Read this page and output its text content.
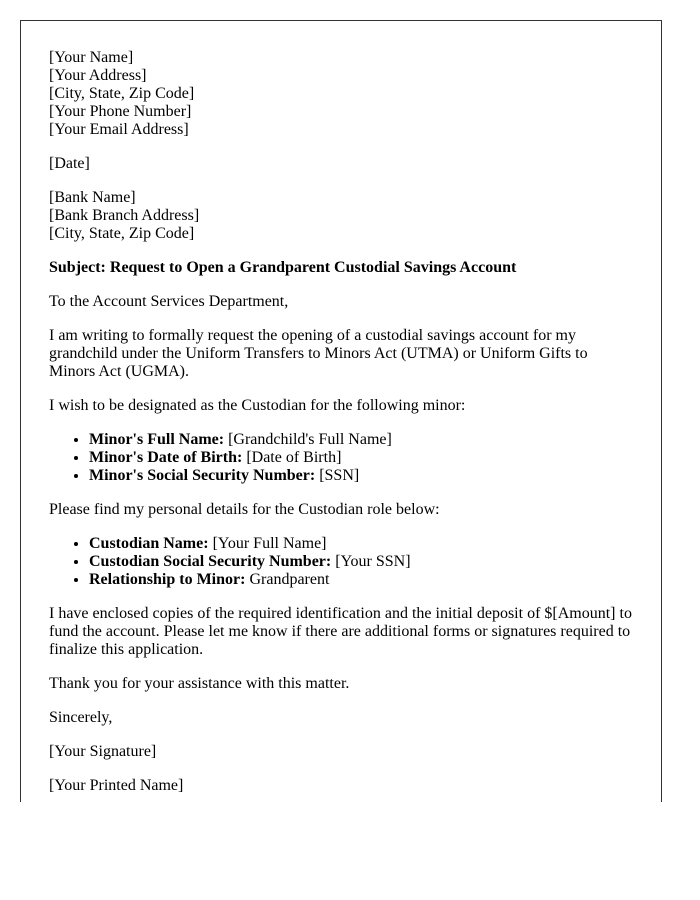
[Your Name]
[Your Address]
[City, State, Zip Code]
[Your Phone Number]
[Your Email Address]

[Date]

[Bank Name]
[Bank Branch Address]
[City, State, Zip Code]

Subject: Request to Open a Grandparent Custodial Savings Account

To the Account Services Department,

I am writing to formally request the opening of a custodial savings account for my grandchild under the Uniform Transfers to Minors Act (UTMA) or Uniform Gifts to Minors Act (UGMA).

I wish to be designated as the Custodian for the following minor:

• Minor's Full Name: [Grandchild's Full Name]
• Minor's Date of Birth: [Date of Birth]
• Minor's Social Security Number: [SSN]

Please find my personal details for the Custodian role below:

• Custodian Name: [Your Full Name]
• Custodian Social Security Number: [Your SSN]
• Relationship to Minor: Grandparent

I have enclosed copies of the required identification and the initial deposit of $[Amount] to fund the account. Please let me know if there are additional forms or signatures required to finalize this application.

Thank you for your assistance with this matter.

Sincerely,

[Your Signature]

[Your Printed Name]
